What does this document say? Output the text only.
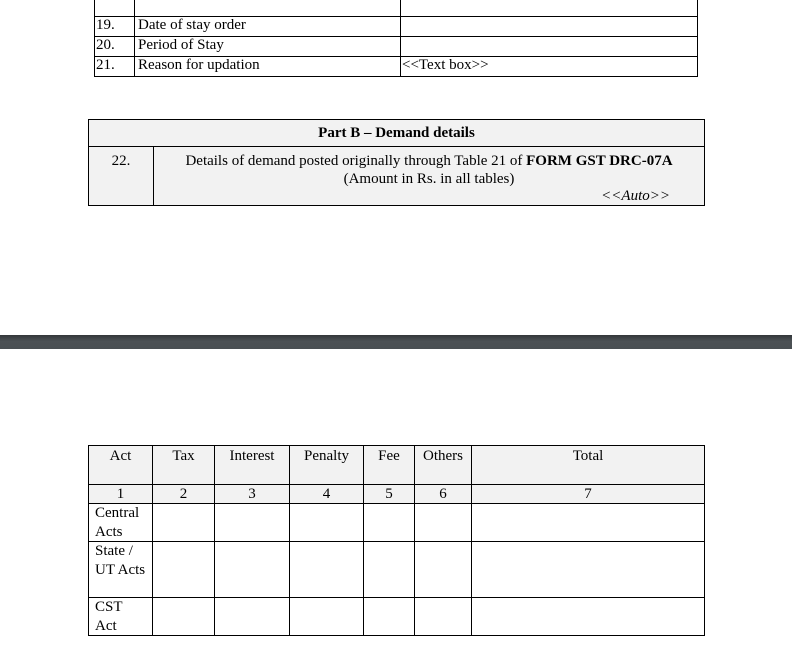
19.	Date of stay order	
20.	Period of Stay	
21.	Reason for updation	<<Text box>>
Part B – Demand details
22.	Details of demand posted originally through Table 21 of FORM GST DRC-07A
(Amount in Rs. in all tables)
<<Auto>>
Act	Tax	Interest	Penalty	Fee	Others	Total
1	2	3	4	5	6	7
Central Acts						
State / UT Acts						
CST Act						
